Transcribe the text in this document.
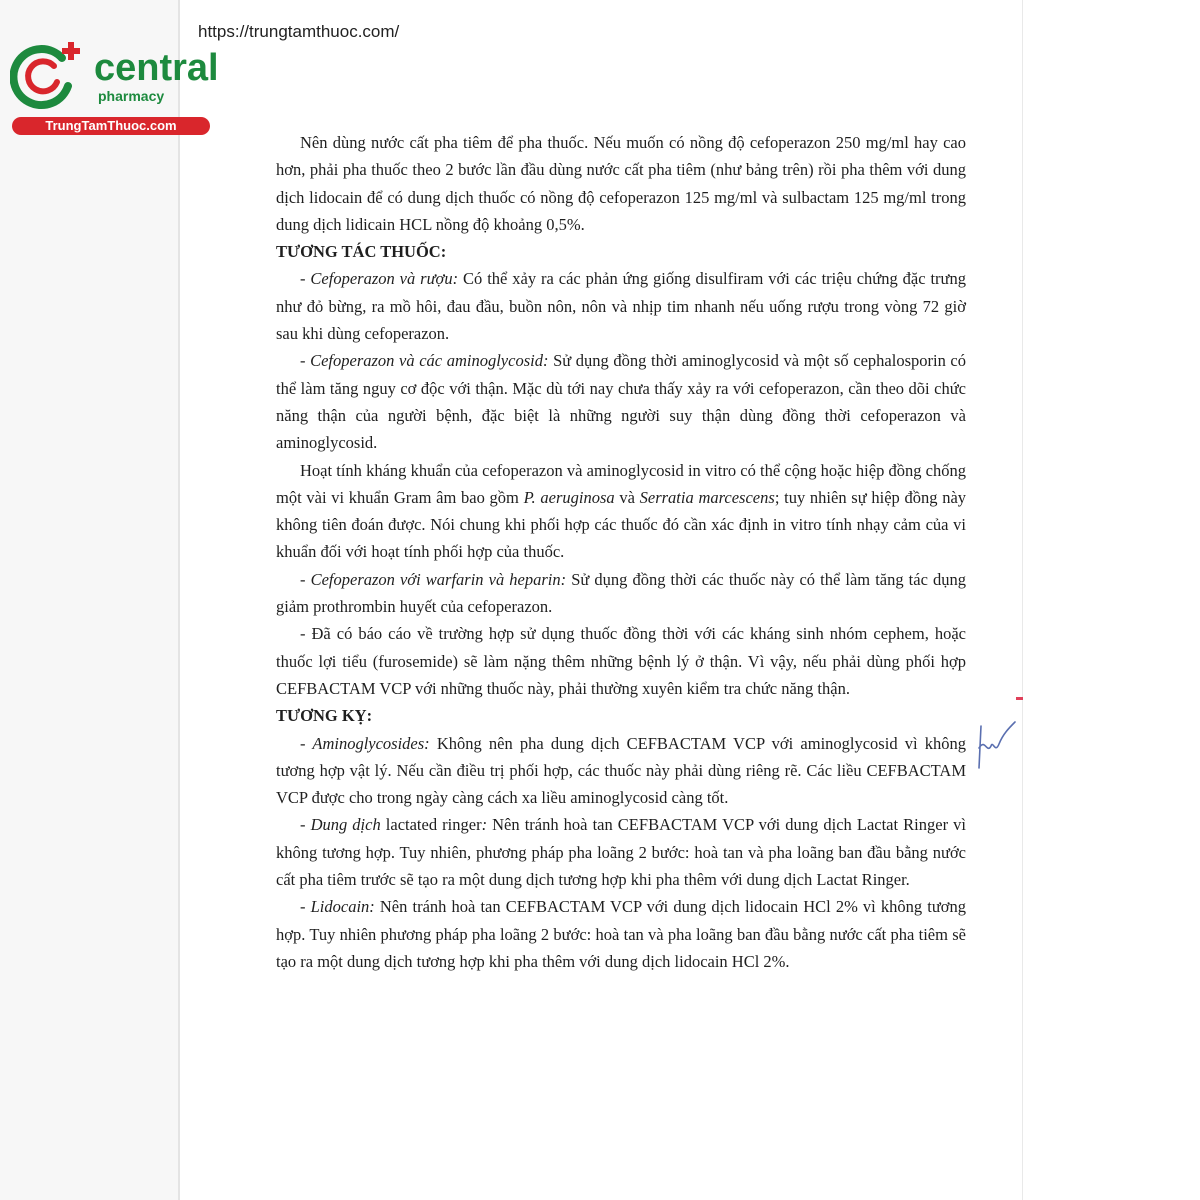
https://trungtamthuoc.com/
central
pharmacy
TrungTamThuoc.com

Nên dùng nước cất pha tiêm để pha thuốc. Nếu muốn có nồng độ cefoperazon 250 mg/ml hay cao hơn, phải pha thuốc theo 2 bước lần đầu dùng nước cất pha tiêm (như bảng trên) rồi pha thêm với dung dịch lidocain để có dung dịch thuốc có nồng độ cefoperazon 125 mg/ml và sulbactam 125 mg/ml trong dung dịch lidicain HCL nồng độ khoảng 0,5%.

TƯƠNG TÁC THUỐC:

- Cefoperazon và rượu: Có thể xảy ra các phản ứng giống disulfiram với các triệu chứng đặc trưng như đỏ bừng, ra mồ hôi, đau đầu, buồn nôn, nôn và nhịp tim nhanh nếu uống rượu trong vòng 72 giờ sau khi dùng cefoperazon.

- Cefoperazon và các aminoglycosid: Sử dụng đồng thời aminoglycosid và một số cephalosporin có thể làm tăng nguy cơ độc với thận. Mặc dù tới nay chưa thấy xảy ra với cefoperazon, cần theo dõi chức năng thận của người bệnh, đặc biệt là những người suy thận dùng đồng thời cefoperazon và aminoglycosid.

Hoạt tính kháng khuẩn của cefoperazon và aminoglycosid in vitro có thể cộng hoặc hiệp đồng chống một vài vi khuẩn Gram âm bao gồm P. aeruginosa và Serratia marcescens; tuy nhiên sự hiệp đồng này không tiên đoán được. Nói chung khi phối hợp các thuốc đó cần xác định in vitro tính nhạy cảm của vi khuẩn đối với hoạt tính phối hợp của thuốc.

- Cefoperazon với warfarin và heparin: Sử dụng đồng thời các thuốc này có thể làm tăng tác dụng giảm prothrombin huyết của cefoperazon.

- Đã có báo cáo về trường hợp sử dụng thuốc đồng thời với các kháng sinh nhóm cephem, hoặc thuốc lợi tiểu (furosemide) sẽ làm nặng thêm những bệnh lý ở thận. Vì vậy, nếu phải dùng phối hợp CEFBACTAM VCP với những thuốc này, phải thường xuyên kiểm tra chức năng thận.

TƯƠNG KỴ:

- Aminoglycosides: Không nên pha dung dịch CEFBACTAM VCP với aminoglycosid vì không tương hợp vật lý. Nếu cần điều trị phối hợp, các thuốc này phải dùng riêng rẽ. Các liều CEFBACTAM VCP được cho trong ngày càng cách xa liều aminoglycosid càng tốt.

- Dung dịch lactated ringer: Nên tránh hoà tan CEFBACTAM VCP với dung dịch Lactat Ringer vì không tương hợp. Tuy nhiên, phương pháp pha loãng 2 bước: hoà tan và pha loãng ban đầu bằng nước cất pha tiêm trước sẽ tạo ra một dung dịch tương hợp khi pha thêm với dung dịch Lactat Ringer.

- Lidocain: Nên tránh hoà tan CEFBACTAM VCP với dung dịch lidocain HCl 2% vì không tương hợp. Tuy nhiên phương pháp pha loãng 2 bước: hoà tan và pha loãng ban đầu bằng nước cất pha tiêm sẽ tạo ra một dung dịch tương hợp khi pha thêm với dung dịch lidocain HCl 2%.
